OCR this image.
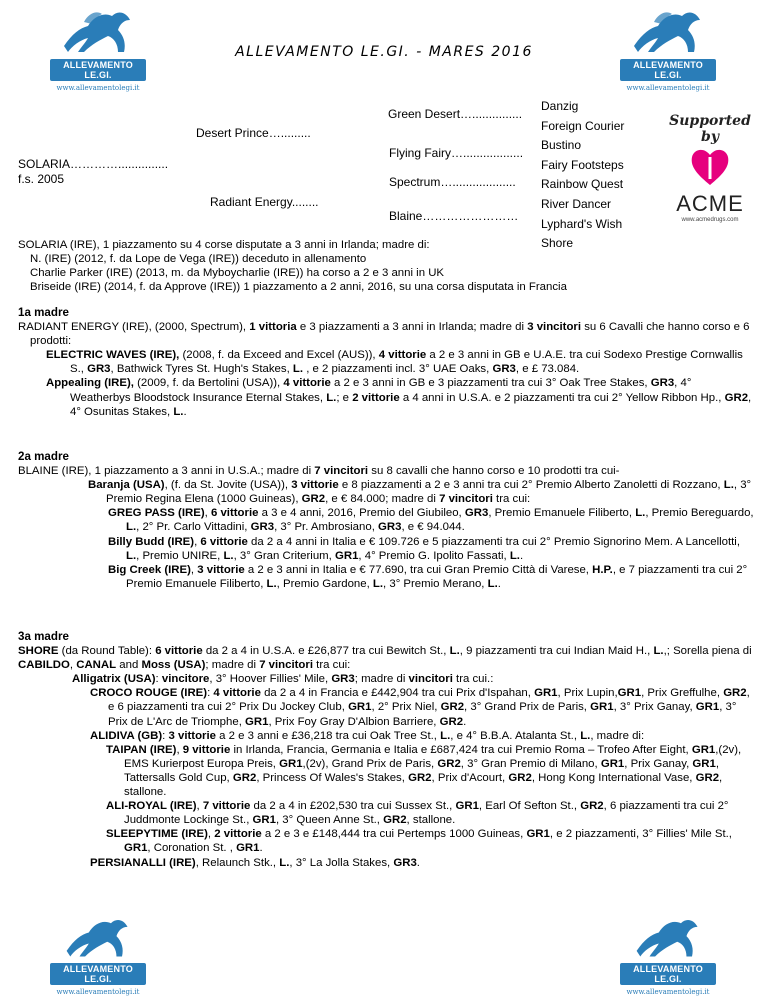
ALLEVAMENTO LE.GI.
www.allevamentolegi.it
ALLEVAMENTO LE.GI.
www.allevamentolegi.it
ALLEVAMENTO LE.GI. - MARES 2016
SOLARIA…………...............
f.s. 2005
Desert Prince….........
Radiant Energy........
Green Desert…...............
Flying Fairy…..................
Spectrum…...................
Blaine……………………
Danzig
Foreign Courier
Bustino
Fairy Footsteps
Rainbow Quest
River Dancer
Lyphard's Wish
Shore
Supported by
ACME
www.acmedrugs.com

SOLARIA (IRE), 1 piazzamento su 4 corse disputate a 3 anni in Irlanda; madre di:

N. (IRE) (2012, f. da Lope de Vega (IRE)) deceduto in allenamento

Charlie Parker (IRE) (2013, m. da Myboycharlie (IRE)) ha corso a 2 e 3 anni in UK

Briseide (IRE) (2014, f. da Approve (IRE)) 1 piazzamento a 2 anni, 2016, su una corsa disputata in Francia

1a madre

RADIANT ENERGY (IRE), (2000, Spectrum), 1 vittoria e 3 piazzamenti a 3 anni in Irlanda; madre di 3 vincitori su 6 Cavalli che hanno corso e 6 prodotti:

ELECTRIC WAVES (IRE), (2008, f. da Exceed and Excel (AUS)), 4 vittorie a 2 e 3 anni in GB e U.A.E. tra cui Sodexo Prestige Cornwallis S., GR3, Bathwick Tyres St. Hugh's Stakes, L. , e 2 piazzamenti incl. 3° UAE Oaks, GR3, e £ 73.084.

Appealing (IRE), (2009, f. da Bertolini (USA)), 4 vittorie a 2 e 3 anni in GB e 3 piazzamenti tra cui 3° Oak Tree Stakes, GR3, 4° Weatherbys Bloodstock Insurance Eternal Stakes, L.; e 2 vittorie a 4 anni in U.S.A. e 2 piazzamenti tra cui 2° Yellow Ribbon Hp., GR2, 4° Osunitas Stakes, L..

2a madre

BLAINE (IRE), 1 piazzamento a 3 anni in U.S.A.; madre di 7 vincitori su 8 cavalli che hanno corso e 10 prodotti tra cui-

Baranja (USA), (f. da St. Jovite (USA)), 3 vittorie e 8 piazzamenti a 2 e 3 anni tra cui 2° Premio Alberto Zanoletti di Rozzano, L., 3° Premio Regina Elena (1000 Guineas), GR2, e € 84.000; madre di 7 vincitori tra cui:

GREG PASS (IRE), 6 vittorie a 3 e 4 anni, 2016, Premio del Giubileo, GR3, Premio Emanuele Filiberto, L., Premio Bereguardo, L., 2° Pr. Carlo Vittadini, GR3, 3° Pr. Ambrosiano, GR3, e € 94.044.

Billy Budd (IRE), 6 vittorie da 2 a 4 anni in Italia e € 109.726 e 5 piazzamenti tra cui 2° Premio Signorino Mem. A Lancellotti, L., Premio UNIRE, L., 3° Gran Criterium, GR1, 4° Premio G. Ipolito Fassati, L..

Big Creek (IRE), 3 vittorie a 2 e 3 anni in Italia e € 77.690, tra cui Gran Premio Città di Varese, H.P., e 7 piazzamenti tra cui 2° Premio Emanuele Filiberto, L., Premio Gardone, L., 3° Premio Merano, L..

3a madre

SHORE (da Round Table): 6 vittorie da 2 a 4 in U.S.A. e £26,877 tra cui Bewitch St., L., 9 piazzamenti tra cui Indian Maid H., L.,; Sorella piena di CABILDO, CANAL and Moss (USA); madre di 7 vincitori tra cui:

Alligatrix (USA): vincitore, 3° Hoover Fillies' Mile, GR3; madre di vincitori tra cui.:

CROCO ROUGE (IRE): 4 vittorie da 2 a 4 in Francia e £442,904 tra cui Prix d'Ispahan, GR1, Prix Lupin,GR1, Prix Greffulhe, GR2, e 6 piazzamenti tra cui 2° Prix Du Jockey Club, GR1, 2° Prix Niel, GR2, 3° Grand Prix de Paris, GR1, 3° Prix Ganay, GR1, 3° Prix de L'Arc de Triomphe, GR1, Prix Foy Gray D'Albion Barriere, GR2.

ALIDIVA (GB): 3 vittorie a 2 e 3 anni e £36,218 tra cui Oak Tree St., L., e 4° B.B.A. Atalanta St., L., madre di:

TAIPAN (IRE), 9 vittorie in Irlanda, Francia, Germania e Italia e £687,424 tra cui Premio Roma – Trofeo After Eight, GR1,(2v), EMS Kurierpost Europa Preis, GR1,(2v), Grand Prix de Paris, GR2, 3° Gran Premio di Milano, GR1, Prix Ganay, GR1, Tattersalls Gold Cup, GR2, Princess Of Wales's Stakes, GR2, Prix d'Acourt, GR2, Hong Kong International Vase, GR2, stallone.

ALI-ROYAL (IRE), 7 vittorie da 2 a 4 in £202,530 tra cui Sussex St., GR1, Earl Of Sefton St., GR2, 6 piazzamenti tra cui 2° Juddmonte Lockinge St., GR1, 3° Queen Anne St., GR2, stallone.

SLEEPYTIME (IRE), 2 vittorie a 2 e 3 e £148,444 tra cui Pertemps 1000 Guineas, GR1, e 2 piazzamenti, 3° Fillies' Mile St., GR1, Coronation St. , GR1.

PERSIANALLI (IRE), Relaunch Stk., L., 3° La Jolla Stakes, GR3.

ALLEVAMENTO LE.GI.
www.allevamentolegi.it
ALLEVAMENTO LE.GI.
www.allevamentolegi.it
